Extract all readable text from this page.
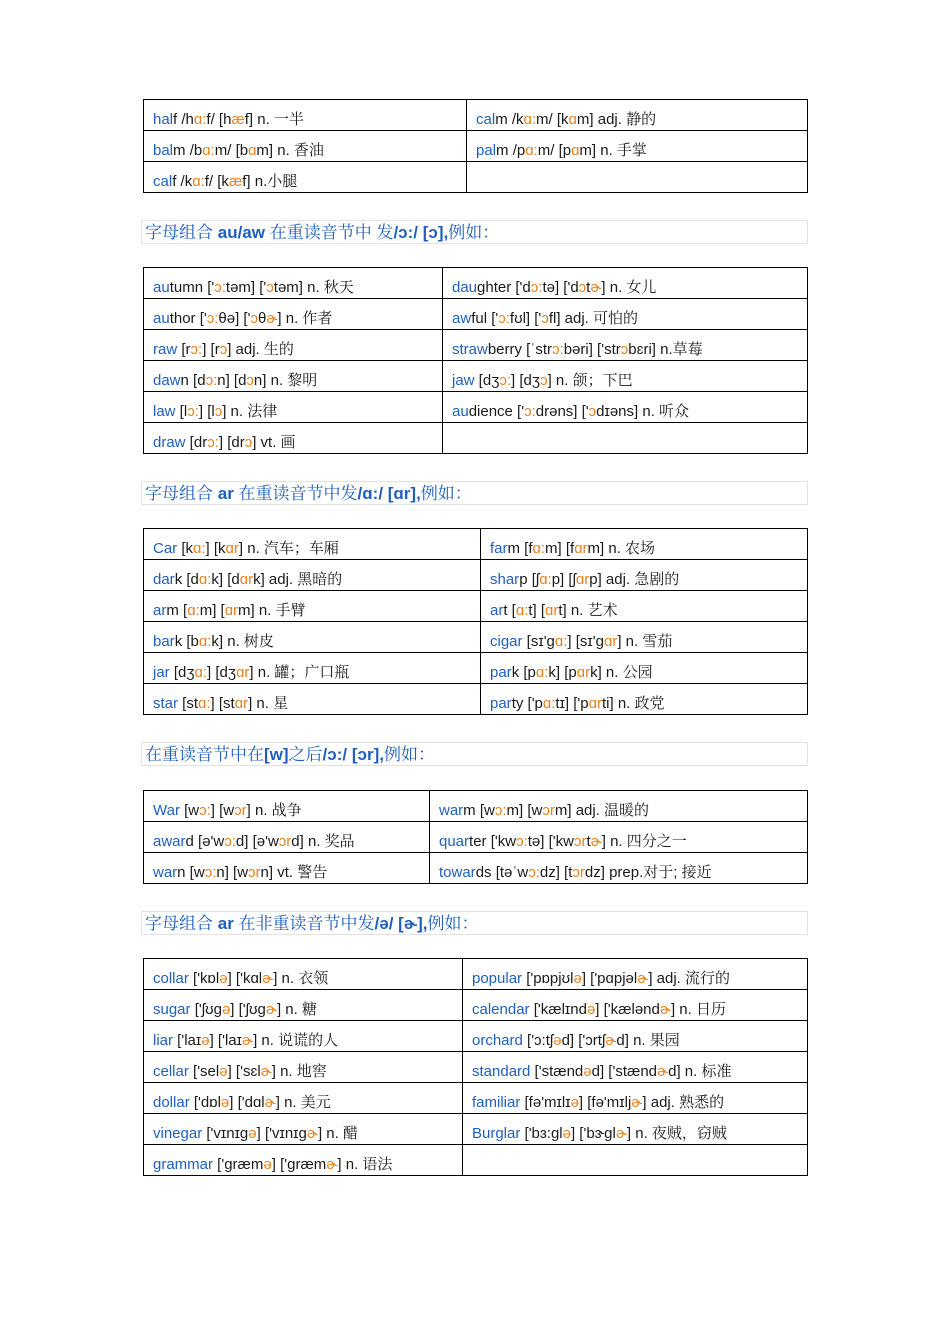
half /hɑ:f/ [hæf] n. 一半	calm /kɑ:m/ [kɑm] adj. 静的
balm /bɑ:m/ [bɑm] n. 香油	palm /pɑ:m/ [pɑm] n. 手掌
calf /kɑ:f/ [kæf] n.小腿	
字母组合 au/aw 在重读音节中 发/ɔ:/ [ɔ],例如：
autumn ['ɔ:təm] ['ɔtəm] n. 秋天	daughter ['dɔ:tə] ['dɔtɚ] n. 女儿
author ['ɔ:θə] ['ɔθɚ] n. 作者	awful ['ɔ:fʊl] ['ɔfl] adj. 可怕的
raw [rɔ:] [rɔ] adj. 生的	strawberry [ˈstrɔ:bəri] ['strɔbɛri] n.草莓
dawn [dɔ:n] [dɔn] n. 黎明	jaw [dʒɔ:] [dʒɔ] n. 颌；下巴
law [lɔ:] [lɔ] n. 法律	audience ['ɔ:drəns] ['ɔdɪəns] n. 听众
draw [drɔ:] [drɔ] vt. 画	
字母组合 ar 在重读音节中发/ɑ:/ [ɑr],例如：
Car [kɑ:] [kɑr] n. 汽车；车厢	farm [fɑ:m] [fɑrm] n. 农场
dark [dɑ:k] [dɑrk] adj. 黑暗的	sharp [ʃɑ:p] [ʃɑrp] adj. 急剧的
arm [ɑ:m] [ɑrm] n. 手臂	art [ɑ:t] [ɑrt] n. 艺术
bark [bɑ:k] n. 树皮	cigar [sɪ'gɑ:] [sɪ'gɑr] n. 雪茄
jar [dʒɑ:] [dʒɑr] n. 罐；广口瓶	park [pɑ:k] [pɑrk] n. 公园
star [stɑ:] [stɑr] n. 星	party ['pɑ:tɪ] ['pɑrti] n. 政党
在重读音节中在[w]之后/ɔ:/ [ɔr],例如：
War [wɔ:] [wɔr] n. 战争	warm [wɔ:m] [wɔrm] adj. 温暖的
award [ə'wɔ:d] [ə'wɔrd] n. 奖品	quarter ['kwɔ:tə] ['kwɔrtɚ] n. 四分之一
warn [wɔ:n] [wɔrn] vt. 警告	towards [təˈwɔ:dz] [tɔrdz] prep.对于; 接近
字母组合 ar 在非重读音节中发/ə/ [ɚ],例如：
collar ['kɒlə] ['kɑlɚ] n. 衣领	popular ['pɒpjʊlə] ['pɑpjəlɚ] adj. 流行的
sugar ['ʃʊgə] ['ʃʊgɚ] n. 糖	calendar ['kælɪndə] ['kæləndɚ] n. 日历
liar ['laɪə] ['laɪɚ] n. 说谎的人	orchard ['ɔ:tʃəd] ['ɔrtʃɚd] n. 果园
cellar ['selə] ['sɛlɚ] n. 地窖	standard ['stændəd] ['stændɚd] n. 标准
dollar ['dɒlə] ['dɑlɚ] n. 美元	familiar [fə'mɪlɪə] [fə'mɪljɚ] adj. 熟悉的
vinegar ['vɪnɪgə] ['vɪnɪgɚ] n. 醋	Burglar ['bɜ:glə] ['bɝglɚ] n. 夜贼，窃贼
grammar ['græmə] ['græmɚ] n. 语法	
